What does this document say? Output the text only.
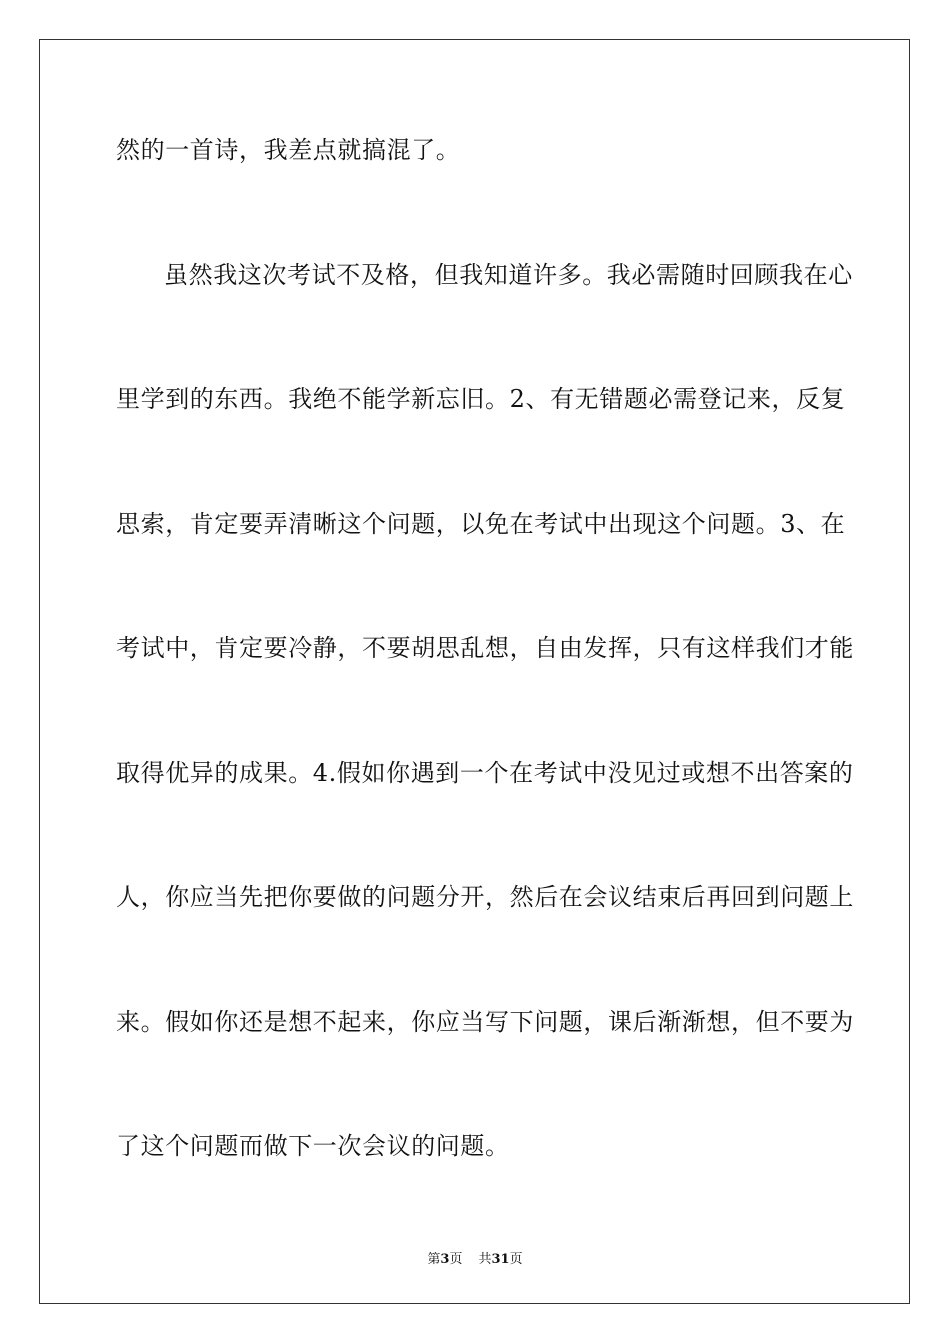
然的一首诗，我差点就搞混了。
虽然我这次考试不及格，但我知道许多。我必需随时回顾我在心
里学到的东西。我绝不能学新忘旧。2、有无错题必需登记来，反复
思索，肯定要弄清晰这个问题，以免在考试中出现这个问题。3、在
考试中，肯定要冷静，不要胡思乱想，自由发挥，只有这样我们才能
取得优异的成果。4.假如你遇到一个在考试中没见过或想不出答案的
人，你应当先把你要做的问题分开，然后在会议结束后再回到问题上
来。假如你还是想不起来，你应当写下问题，课后渐渐想，但不要为
了这个问题而做下一次会议的问题。
第3页 共31页
